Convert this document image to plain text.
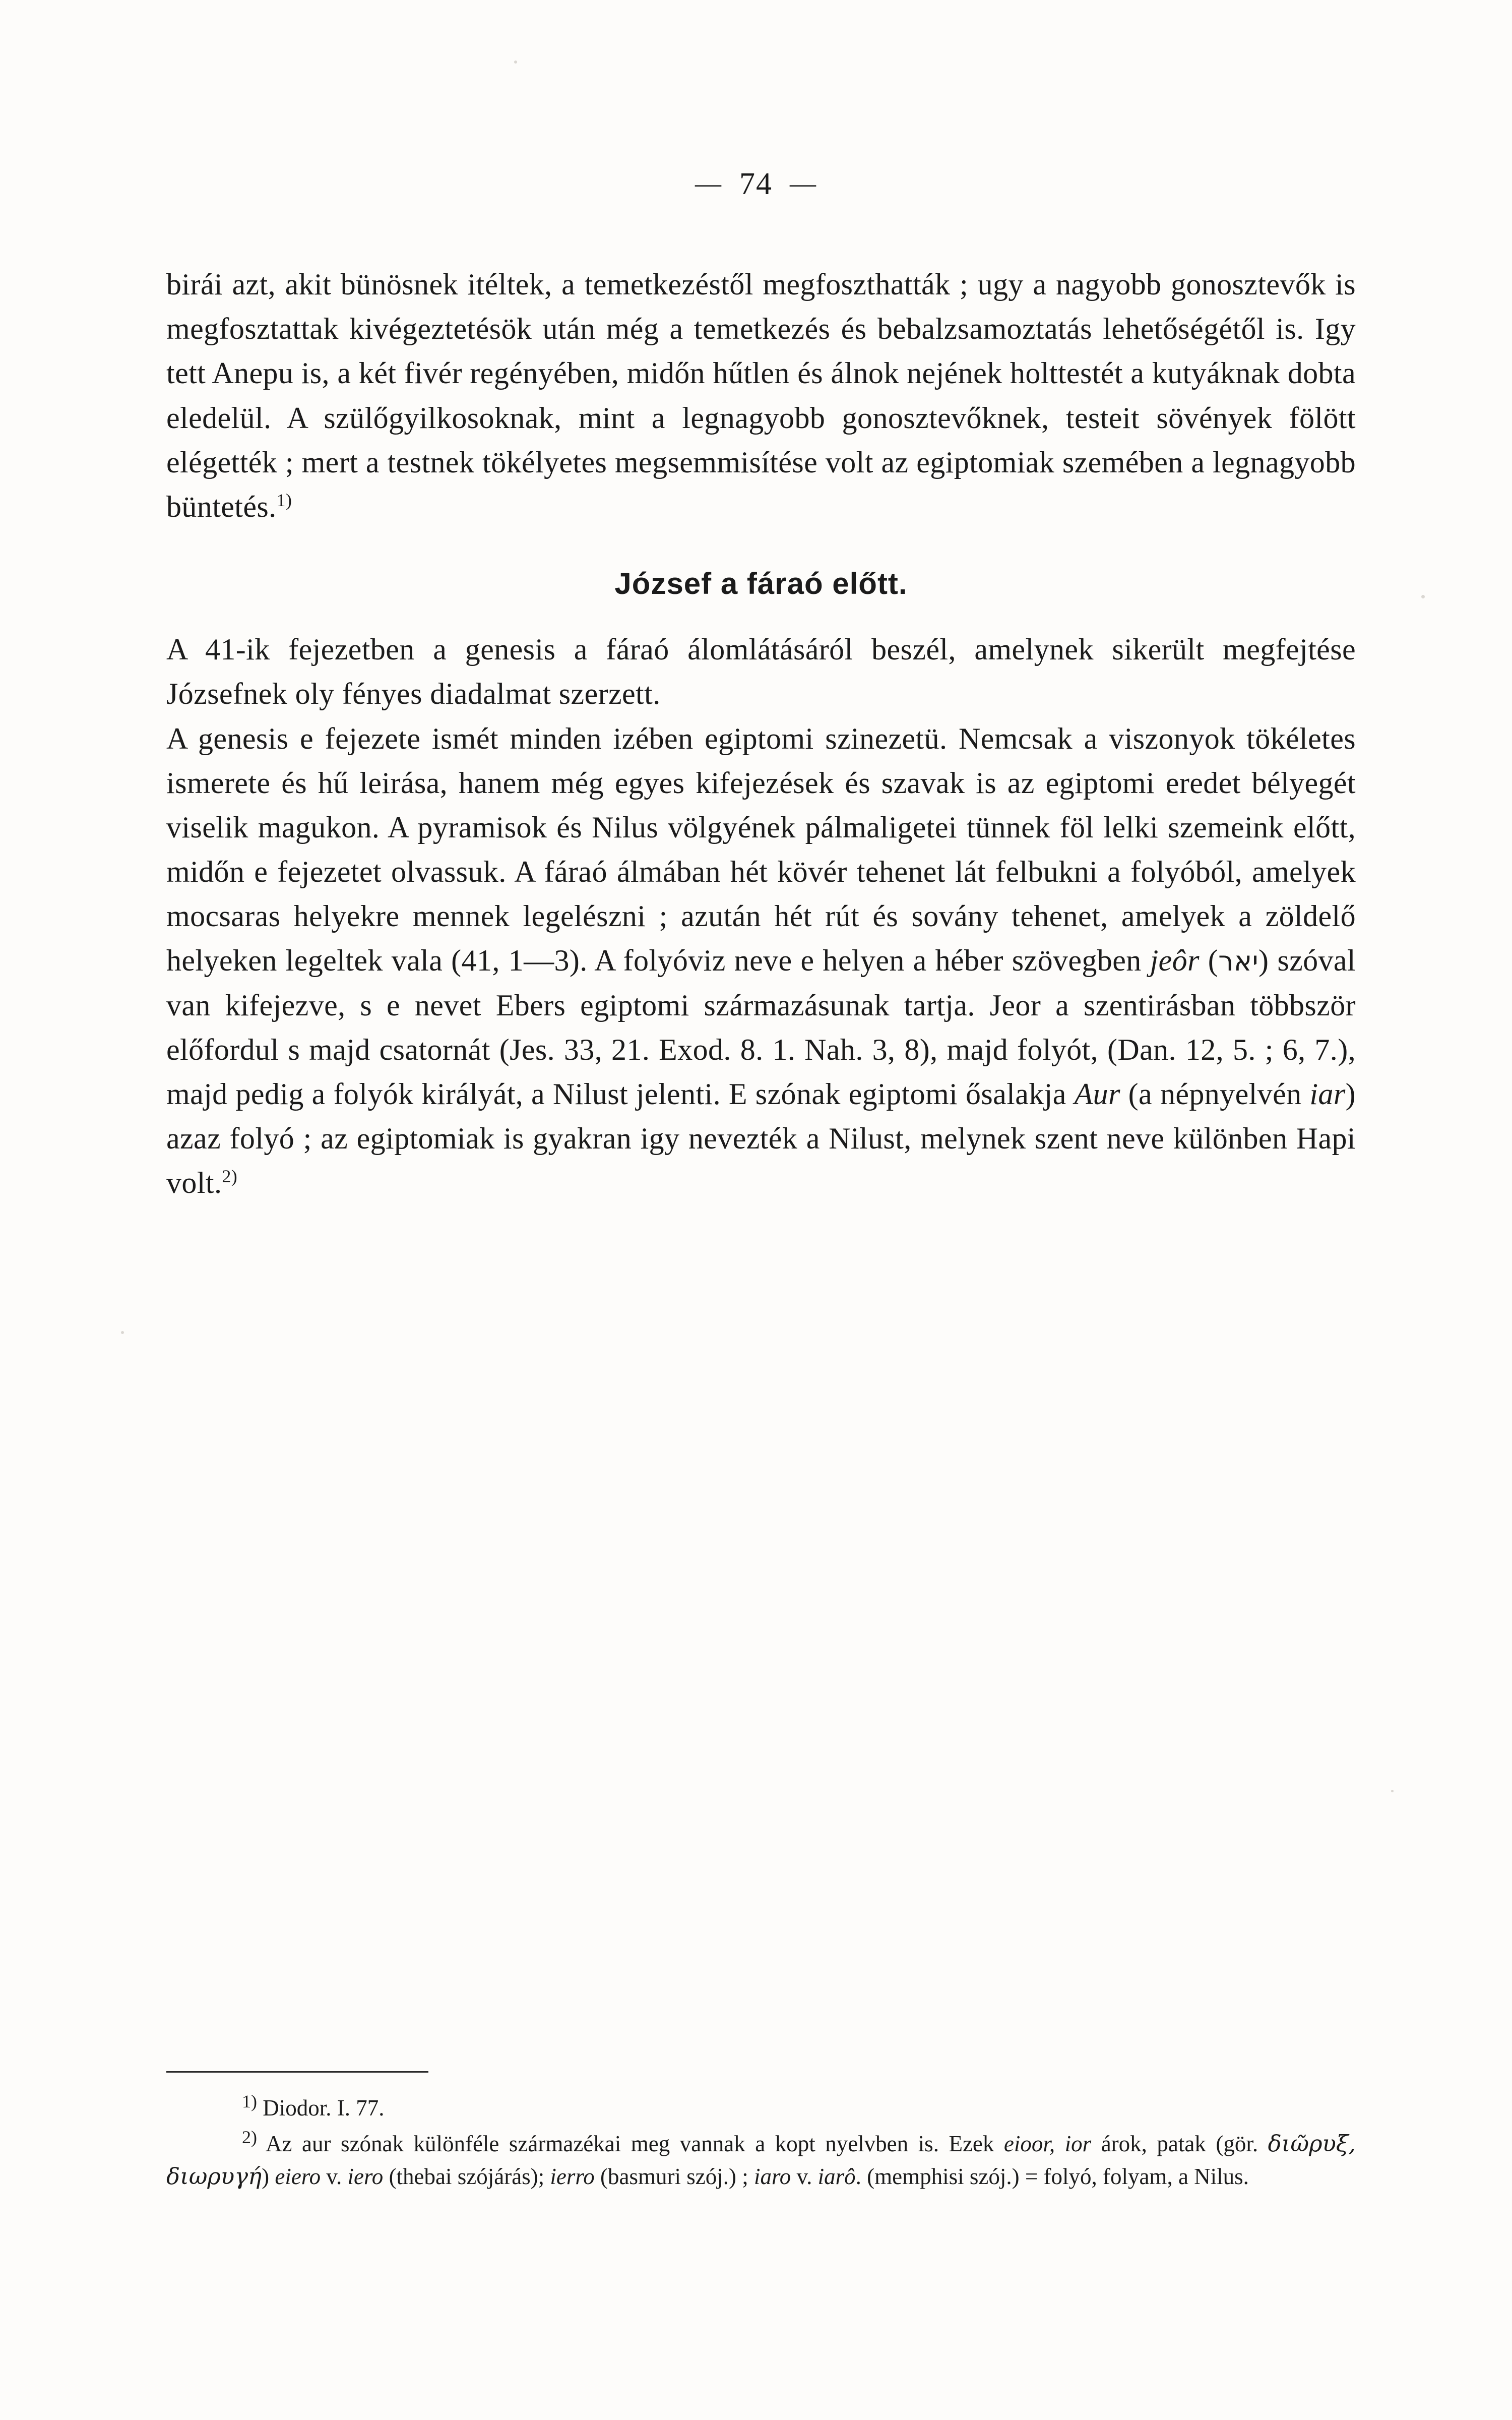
— 74 —

birái azt, akit bünösnek itéltek, a temetkezéstől megfoszthatták ; ugy a nagyobb gonosztevők is megfosztattak kivégeztetésök után még a temetkezés és bebalzsamoztatás lehetőségétől is. Igy tett Anepu is, a két fivér regényében, midőn hűtlen és álnok nejének holttestét a kutyáknak dobta eledelül. A szülőgyilkosoknak, mint a legnagyobb gonosztevőknek, testeit sövények fölött elégették ; mert a testnek tökélyetes megsemmisítése volt az egiptomiak szemében a legnagyobb büntetés.$^{1)}$

József a fáraó előtt.

A 41-ik fejezetben a genesis a fáraó álomlátásáról beszél, amelynek sikerült megfejtése Józsefnek oly fényes diadalmat szerzett.

A genesis e fejezete ismét minden izében egiptomi szinezetü. Nemcsak a viszonyok tökéletes ismerete és hű leirása, hanem még egyes kifejezések és szavak is az egiptomi eredet bélyegét viselik magukon. A pyramisok és Nilus völgyének pálmaligetei tünnek föl lelki szemeink előtt, midőn e fejezetet olvassuk. A fáraó álmában hét kövér tehenet lát felbukni a folyóból, amelyek mocsaras helyekre mennek legelészni ; azután hét rút és sovány tehenet, amelyek a zöldelő helyeken legeltek vala (41, 1—3). A folyóviz neve e helyen a héber szövegben jeôr (יאר) szóval van kifejezve, s e nevet Ebers egiptomi származásunak tartja. Jeor a szentirásban többször előfordul s majd csatornát (Jes. 33, 21. Exod. 8. 1. Nah. 3, 8), majd folyót, (Dan. 12, 5. ; 6, 7.), majd pedig a folyók királyát, a Nilust jelenti. E szónak egiptomi ősalakja Aur (a népnyelvén iar) azaz folyó ; az egiptomiak is gyakran igy nevezték a Nilust, melynek szent neve különben Hapi volt.$^{2)}$

$^{1)}$ Diodor. I. 77.

$^{2)}$ Az aur szónak különféle származékai meg vannak a kopt nyelvben is. Ezek eioor, ior árok, patak (gör. διῶρυξ, διωρυγή) eiero v. iero (thebai szójárás); ierro (basmuri szój.) ; iaro v. iarô. (memphisi szój.) = folyó, folyam, a Nilus.
